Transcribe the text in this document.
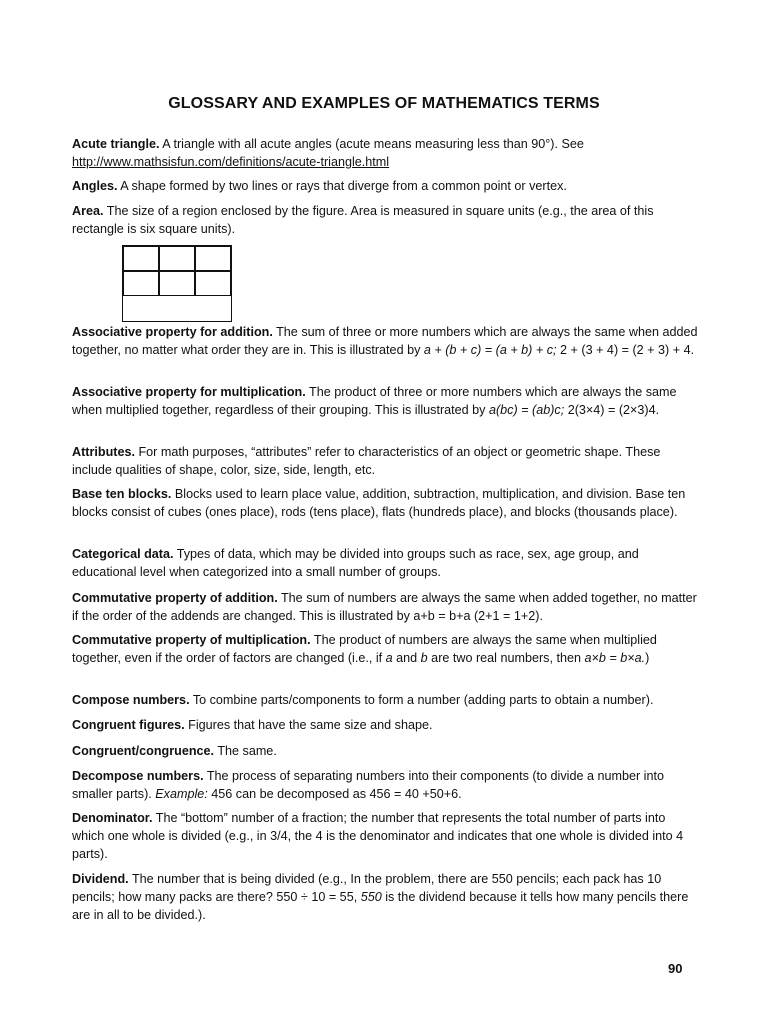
GLOSSARY AND EXAMPLES OF MATHEMATICS TERMS

Acute triangle. A triangle with all acute angles (acute means measuring less than 90°). See http://www.mathsisfun.com/definitions/acute-triangle.html

Angles. A shape formed by two lines or rays that diverge from a common point or vertex.

Area. The size of a region enclosed by the figure. Area is measured in square units (e.g., the area of this rectangle is six square units).

Associative property for addition. The sum of three or more numbers which are always the same when added together, no matter what order they are in. This is illustrated by a + (b + c) = (a + b) + c; 2 + (3 + 4) = (2 + 3) + 4.

Associative property for multiplication. The product of three or more numbers which are always the same when multiplied together, regardless of their grouping. This is illustrated by a(bc) = (ab)c; 2(3×4) = (2×3)4.

Attributes. For math purposes, “attributes” refer to characteristics of an object or geometric shape. These include qualities of shape, color, size, side, length, etc.

Base ten blocks. Blocks used to learn place value, addition, subtraction, multiplication, and division. Base ten blocks consist of cubes (ones place), rods (tens place), flats (hundreds place), and blocks (thousands place).

Categorical data. Types of data, which may be divided into groups such as race, sex, age group, and educational level when categorized into a small number of groups.

Commutative property of addition. The sum of numbers are always the same when added together, no matter if the order of the addends are changed. This is illustrated by a+b = b+a (2+1 = 1+2).

Commutative property of multiplication. The product of numbers are always the same when multiplied together, even if the order of factors are changed (i.e., if a and b are two real numbers, then a×b = b×a.)

Compose numbers. To combine parts/components to form a number (adding parts to obtain a number).

Congruent figures. Figures that have the same size and shape.

Congruent/congruence. The same.

Decompose numbers. The process of separating numbers into their components (to divide a number into smaller parts). Example: 456 can be decomposed as 456 = 40 +50+6.

Denominator. The “bottom” number of a fraction; the number that represents the total number of parts into which one whole is divided (e.g., in 3/4, the 4 is the denominator and indicates that one whole is divided into 4 parts).

Dividend. The number that is being divided (e.g., In the problem, there are 550 pencils; each pack has 10 pencils; how many packs are there? 550 ÷ 10 = 55, 550 is the dividend because it tells how many pencils there are in all to be divided.).

90
